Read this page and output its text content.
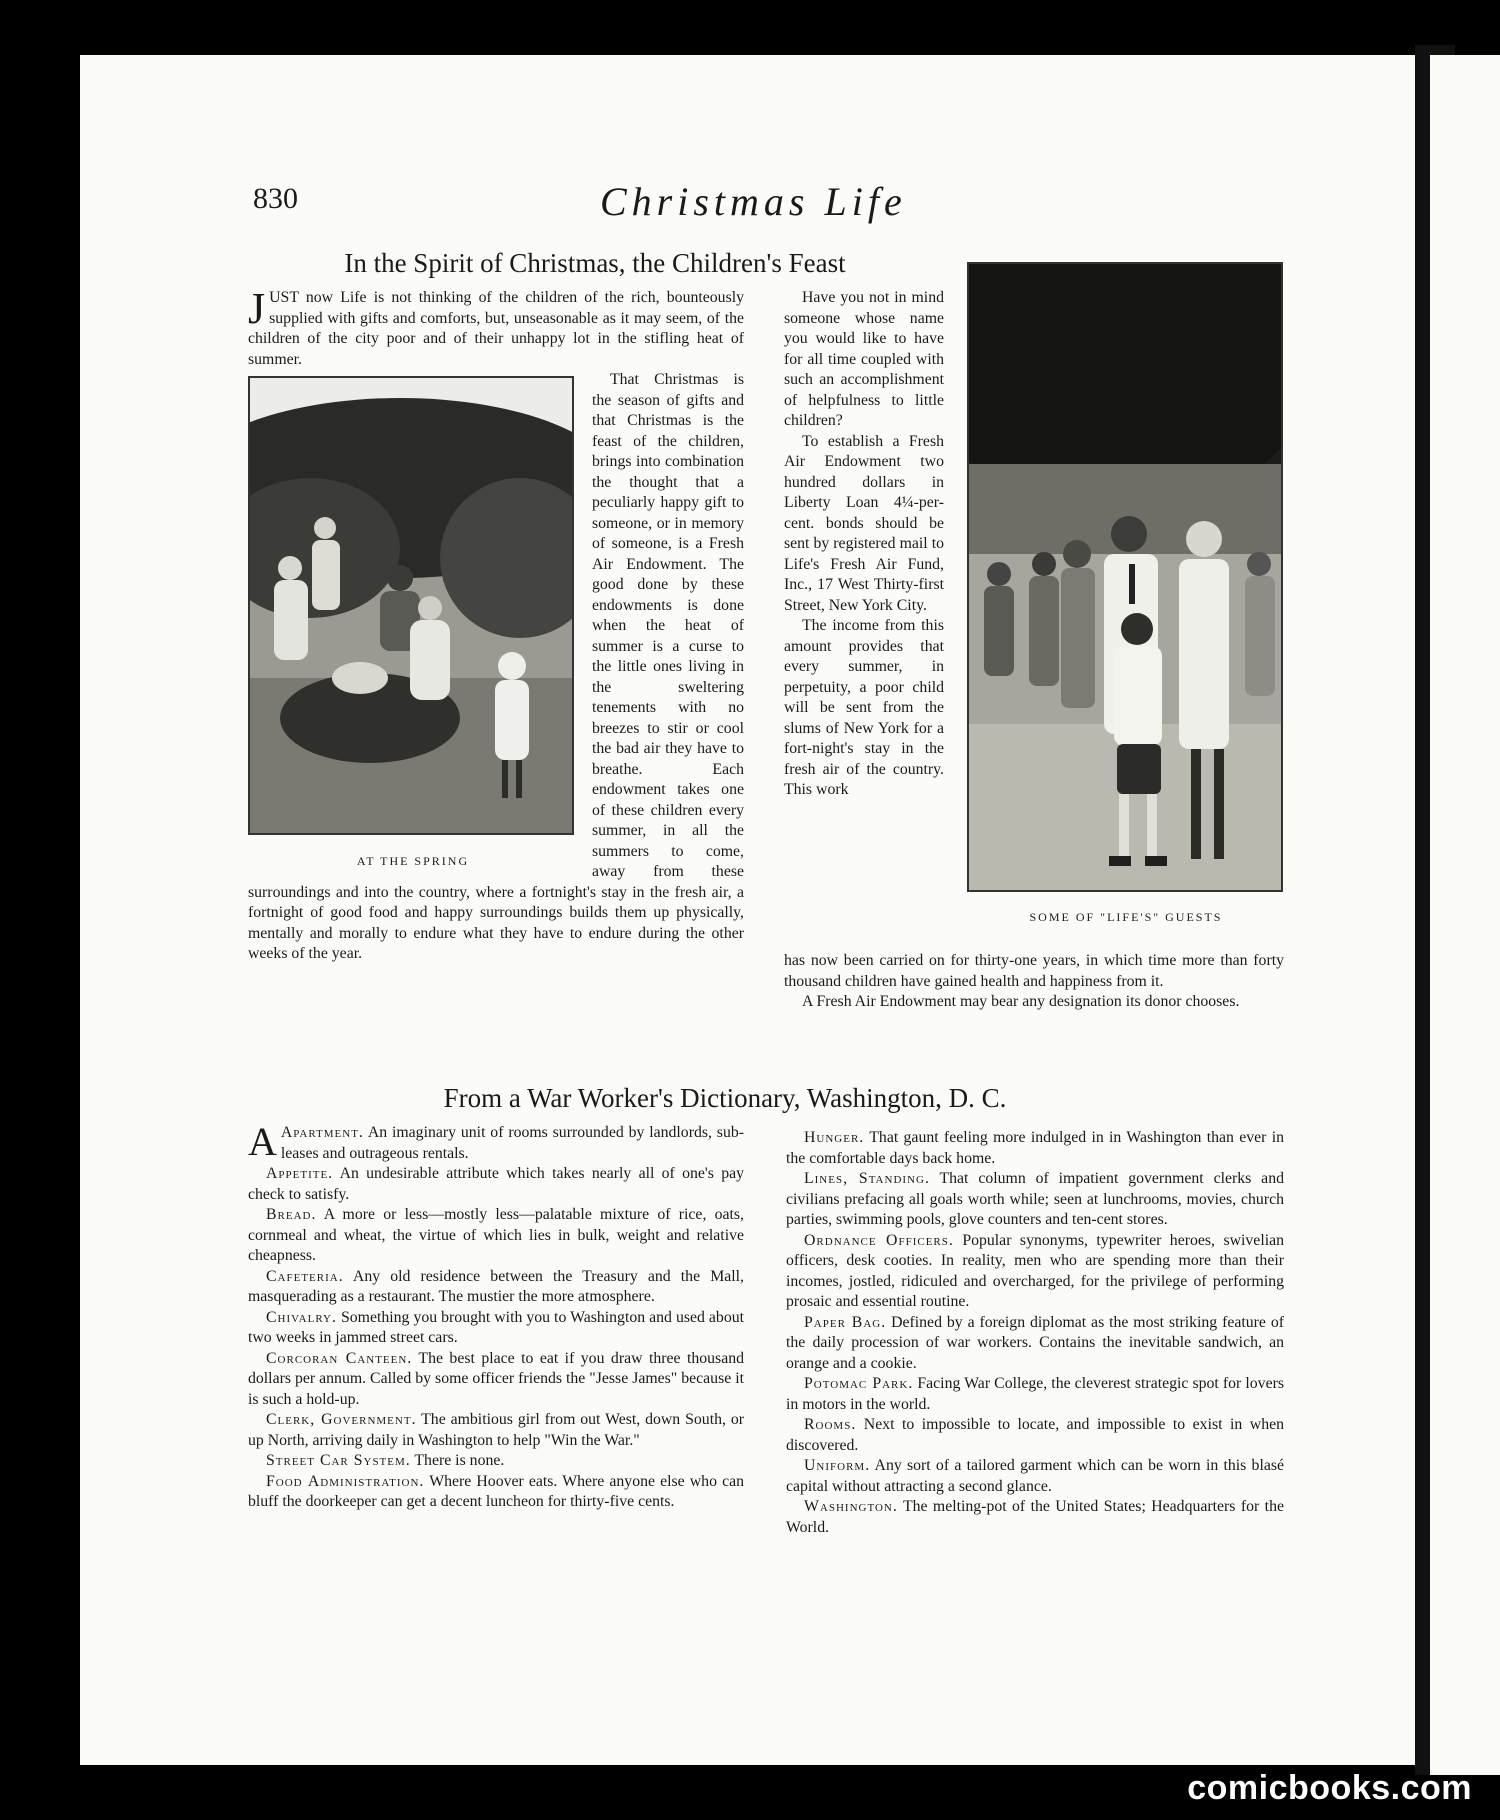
830	Christmas Life
In the Spirit of Christmas, the Children's Feast

JUST now Life is not thinking of the children of the rich, bounteously supplied with gifts and comforts, but, unseasonable as it may seem, of the children of the city poor and of their unhappy lot in the stifling heat of summer.

AT THE SPRING

That Christmas is the season of gifts and that Christmas is the feast of the children, brings into combination the thought that a peculiarly happy gift to someone, or in memory of someone, is a Fresh Air Endowment. The good done by these endowments is done when the heat of summer is a curse to the little ones living in the sweltering tenements with no breezes to stir or cool the bad air they have to breathe. Each endowment takes one of these children every summer, in all the summers to come, away from these surroundings and into the country, where a fortnight's stay in the fresh air, a fortnight of good food and happy surroundings builds them up physically, mentally and morally to endure what they have to endure during the other weeks of the year.

Have you not in mind someone whose name you would like to have for all time coupled with such an accomplishment of helpfulness to little children?

To establish a Fresh Air Endowment two hundred dollars in Liberty Loan 4¼-per-cent. bonds should be sent by registered mail to Life's Fresh Air Fund, Inc., 17 West Thirty-first Street, New York City.

The income from this amount provides that every summer, in perpetuity, a poor child will be sent from the slums of New York for a fort-night's stay in the fresh air of the country. This work

SOME OF "LIFE'S" GUESTS

has now been carried on for thirty-one years, in which time more than forty thousand children have gained health and happiness from it.

A Fresh Air Endowment may bear any designation its donor chooses.

From a War Worker's Dictionary, Washington, D. C.

A Apartment. An imaginary unit of rooms surrounded by landlords, sub-leases and outrageous rentals.

Appetite. An undesirable attribute which takes nearly all of one's pay check to satisfy.

Bread. A more or less—mostly less—palatable mixture of rice, oats, cornmeal and wheat, the virtue of which lies in bulk, weight and relative cheapness.

Cafeteria. Any old residence between the Treasury and the Mall, masquerading as a restaurant. The mustier the more atmosphere.

Chivalry. Something you brought with you to Washington and used about two weeks in jammed street cars.

Corcoran Canteen. The best place to eat if you draw three thousand dollars per annum. Called by some officer friends the "Jesse James" because it is such a hold-up.

Clerk, Government. The ambitious girl from out West, down South, or up North, arriving daily in Washington to help "Win the War."

Street Car System. There is none.

Food Administration. Where Hoover eats. Where anyone else who can bluff the doorkeeper can get a decent luncheon for thirty-five cents.

Hunger. That gaunt feeling more indulged in in Washington than ever in the comfortable days back home.

Lines, Standing. That column of impatient government clerks and civilians prefacing all goals worth while; seen at lunchrooms, movies, church parties, swimming pools, glove counters and ten-cent stores.

Ordnance Officers. Popular synonyms, typewriter heroes, swivelian officers, desk cooties. In reality, men who are spending more than their incomes, jostled, ridiculed and overcharged, for the privilege of performing prosaic and essential routine.

Paper Bag. Defined by a foreign diplomat as the most striking feature of the daily procession of war workers. Contains the inevitable sandwich, an orange and a cookie.

Potomac Park. Facing War College, the cleverest strategic spot for lovers in motors in the world.

Rooms. Next to impossible to locate, and impossible to exist in when discovered.

Uniform. Any sort of a tailored garment which can be worn in this blasé capital without attracting a second glance.

Washington. The melting-pot of the United States; Headquarters for the World.

comicbooks.com
